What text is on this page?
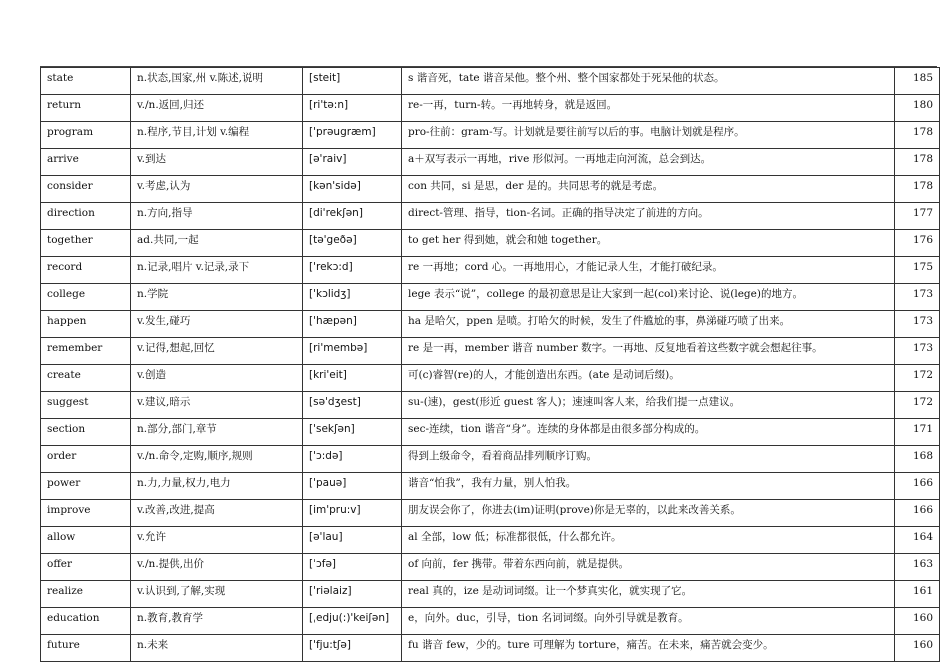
state	n.状态,国家,州 v.陈述,说明	[steit]	s 谐音死，tate 谐音呆他。整个州、整个国家都处于死呆他的状态。	185
return	v./n.返回,归还	[ri'tə:n]	re-一再，turn-转。一再地转身，就是返回。	180
program	n.程序,节目,计划 v.编程	['prəugræm]	pro-往前：gram-写。计划就是要往前写以后的事。电脑计划就是程序。	178
arrive	v.到达	[ə'raiv]	a＋双写表示一再地，rive 形似河。一再地走向河流，总会到达。	178
consider	v.考虑,认为	[kən'sidə]	con 共同，si 是思，der 是的。共同思考的就是考虑。	178
direction	n.方向,指导	[di'rekʃən]	direct-管理、指导，tion-名词。正确的指导决定了前进的方向。	177
together	ad.共同,一起	[tə'geðə]	to get her 得到她，就会和她 together。	176
record	n.记录,唱片 v.记录,录下	['rekɔ:d]	re 一再地；cord 心。一再地用心，才能记录人生，才能打破纪录。	175
college	n.学院	['kɔlidʒ]	lege 表示“说”，college 的最初意思是让大家到一起(col)来讨论、说(lege)的地方。	173
happen	v.发生,碰巧	['hæpən]	ha 是哈欠，ppen 是喷。打哈欠的时候，发生了件尴尬的事，鼻涕碰巧喷了出来。	173
remember	v.记得,想起,回忆	[ri'membə]	re 是一再，member 谐音 number 数字。一再地、反复地看着这些数字就会想起往事。	173
create	v.创造	[kri'eit]	可(c)睿智(re)的人，才能创造出东西。(ate 是动词后缀)。	172
suggest	v.建议,暗示	[sə'dʒest]	su-(速)，gest(形近 guest 客人)；速速叫客人来，给我们提一点建议。	172
section	n.部分,部门,章节	['sekʃən]	sec-连续，tion 谐音“身”。连续的身体都是由很多部分构成的。	171
order	v./n.命令,定购,顺序,规则	['ɔ:də]	得到上级命令，看着商品排列顺序订购。	168
power	n.力,力量,权力,电力	['pauə]	谐音“怕我”，我有力量，别人怕我。	166
improve	v.改善,改进,提高	[im'pru:v]	朋友误会你了，你进去(im)证明(prove)你是无辜的，以此来改善关系。	166
allow	v.允许	[ə'lau]	al 全部，low 低；标准都很低，什么都允许。	164
offer	v./n.提供,出价	[ˈɔfə]	of 向前，fer 携带。带着东西向前，就是提供。	163
realize	v.认识到,了解,实现	['riəlaiz]	real 真的，ize 是动词词缀。让一个梦真实化，就实现了它。	161
education	n.教育,教育学	[ˌedju(:)'keiʃən]	e，向外。duc，引导，tion 名词词缀。向外引导就是教育。	160
future	n.未来	['fju:tʃə]	fu 谐音 few，少的。ture 可理解为 torture，痛苦。在未来，痛苦就会变少。	160
